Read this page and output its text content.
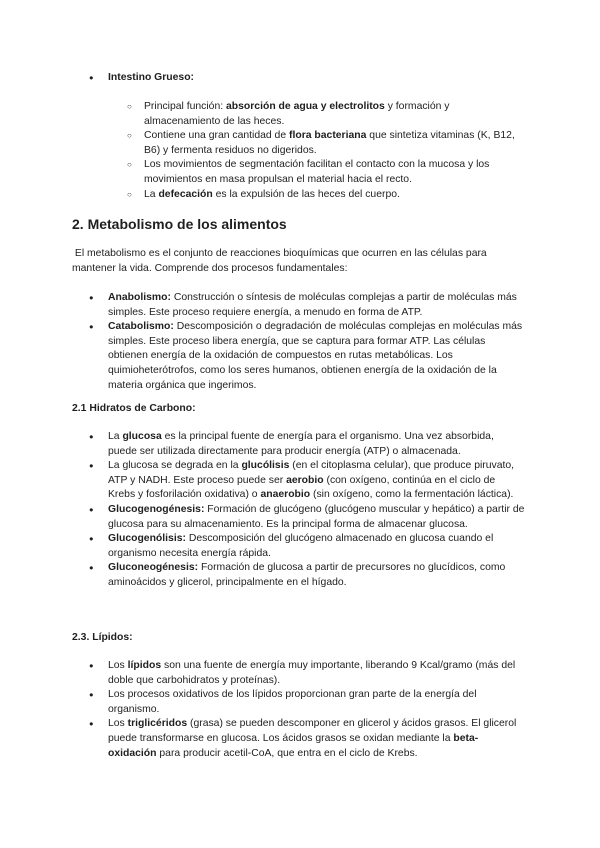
● Intestino Grueso:

○ Principal función: absorción de agua y electrolitos y formación y almacenamiento de las heces.

○ Contiene una gran cantidad de flora bacteriana que sintetiza vitaminas (K, B12, B6) y fermenta residuos no digeridos.

○ Los movimientos de segmentación facilitan el contacto con la mucosa y los movimientos en masa propulsan el material hacia el recto.

○ La defecación es la expulsión de las heces del cuerpo.

2. Metabolismo de los alimentos
El metabolismo es el conjunto de reacciones bioquímicas que ocurren en las células para mantener la vida. Comprende dos procesos fundamentales:

● Anabolismo: Construcción o síntesis de moléculas complejas a partir de moléculas más simples. Este proceso requiere energía, a menudo en forma de ATP.

● Catabolismo: Descomposición o degradación de moléculas complejas en moléculas más simples. Este proceso libera energía, que se captura para formar ATP. Las células obtienen energía de la oxidación de compuestos en rutas metabólicas. Los quimioheterótrofos, como los seres humanos, obtienen energía de la oxidación de la materia orgánica que ingerimos.

2.1 Hidratos de Carbono:

● La glucosa es la principal fuente de energía para el organismo. Una vez absorbida, puede ser utilizada directamente para producir energía (ATP) o almacenada.

● La glucosa se degrada en la glucólisis (en el citoplasma celular), que produce piruvato, ATP y NADH. Este proceso puede ser aerobio (con oxígeno, continúa en el ciclo de Krebs y fosforilación oxidativa) o anaerobio (sin oxígeno, como la fermentación láctica).

● Glucogenogénesis: Formación de glucógeno (glucógeno muscular y hepático) a partir de glucosa para su almacenamiento. Es la principal forma de almacenar glucosa.

● Glucogenólisis: Descomposición del glucógeno almacenado en glucosa cuando el organismo necesita energía rápida.

● Gluconeogénesis: Formación de glucosa a partir de precursores no glucídicos, como aminoácidos y glicerol, principalmente en el hígado.

2.3. Lípidos:

● Los lípidos son una fuente de energía muy importante, liberando 9 Kcal/gramo (más del doble que carbohidratos y proteínas).

● Los procesos oxidativos de los lípidos proporcionan gran parte de la energía del organismo.

● Los triglicéridos (grasa) se pueden descomponer en glicerol y ácidos grasos. El glicerol puede transformarse en glucosa. Los ácidos grasos se oxidan mediante la beta-oxidación para producir acetil-CoA, que entra en el ciclo de Krebs.
